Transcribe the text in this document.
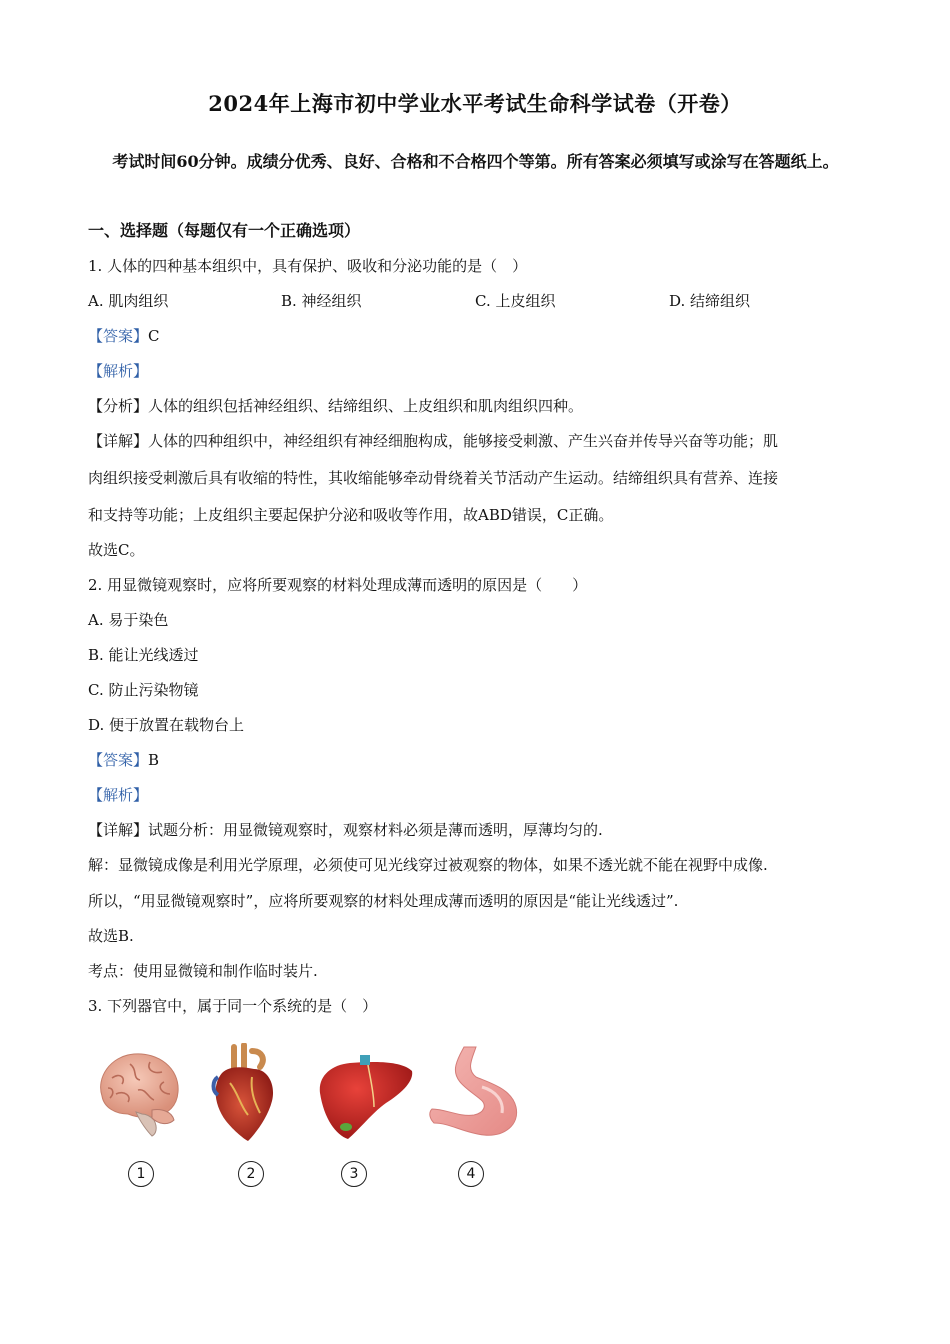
2024年上海市初中学业水平考试生命科学试卷（开卷）
考试时间60分钟。成绩分优秀、良好、合格和不合格四个等第。所有答案必须填写或涂写在答题纸上。
一、选择题（每题仅有一个正确选项）
1. 人体的四种基本组织中，具有保护、吸收和分泌功能的是（　）
A. 肌肉组织	B. 神经组织	C. 上皮组织	D. 结缔组织
【答案】C
【解析】
【分析】人体的组织包括神经组织、结缔组织、上皮组织和肌肉组织四种。
【详解】人体的四种组织中，神经组织有神经细胞构成，能够接受刺激、产生兴奋并传导兴奋等功能；肌
肉组织接受刺激后具有收缩的特性，其收缩能够牵动骨绕着关节活动产生运动。结缔组织具有营养、连接
和支持等功能；上皮组织主要起保护分泌和吸收等作用，故ABD错误，C正确。
故选C。
2. 用显微镜观察时，应将所要观察的材料处理成薄而透明的原因是（　　）
A. 易于染色
B. 能让光线透过
C. 防止污染物镜
D. 便于放置在载物台上
【答案】B
【解析】
【详解】试题分析：用显微镜观察时，观察材料必须是薄而透明，厚薄均匀的.
解：显微镜成像是利用光学原理，必须使可见光线穿过被观察的物体，如果不透光就不能在视野中成像.
所以，“用显微镜观察时”，应将所要观察的材料处理成薄而透明的原因是“能让光线透过”.
故选B.
考点：使用显微镜和制作临时装片.
3. 下列器官中，属于同一个系统的是（　）
1	2	3	4
